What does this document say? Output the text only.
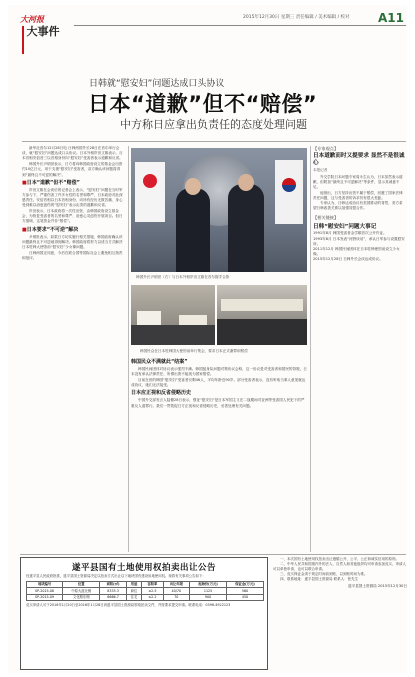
大河报
大事件
2015年12月30日 星期三 责任编辑 / 美术编辑 / 校对 A11
日韩就“慰安妇”问题达成口头协议
日本“道歉”但不“赔偿”
中方称日应拿出负责任的态度处理问题

新华社首尔12月28日电 日韩两国外长28日在首尔举行会谈，就“慰安妇”问题达成口头协议。日本外相岸田文雄表示，日本首相安倍晋三以首相身份向“慰安妇”受害者表示道歉和反省。

韩国外长尹炳世表示，日方将向韩国政府设立的基金会出资约10亿日元，用于支援“慰安妇”受害者，双方确认该问题将得到“最终且不可逆的解决”。

■日本“道歉”但不“赔偿”

岸田文雄在会谈后的记者会上表示，“慰安妇”问题在当时军方参与下，严重伤害了许多女性的名誉和尊严，日本政府对此深感责任。安倍首相以日本首相身份，向所有经历无数苦痛、身心受到难以治愈创伤的“慰安妇”表示由衷的道歉和反省。

岸田表示，日本政府将一次性出资，由韩国政府设立基金会，为恢复受害者的名誉和尊严、治愈心灵创伤开展项目。但日方强调，这笔资金并非“赔偿”。

■日本要求“不可逆”解决

尹炳世表示，如果日方切实履行相关措施，韩国政府确认该问题最终且不可逆地得到解决。韩国政府将努力以适当方式解决日本驻韩大使馆前“慰安妇”少女像问题。

日韩两国还同意，今后在联合国等国际社会上避免相互指责和批评。

韩国外长尹炳世（右）与日本外相岸田文雄在首尔握手合影
韩国民众在日本驻韩国大使馆前举行集会，要求日本正式谢罪和赔偿
韩国民众不满就此“结案”

韩国民间团体对协议表示强烈不满。韩国挺身队问题对策协议会称，这一协议是对受害者和国民的背叛，日本没有承认法律责任，所谓出资不能视为国家赔偿。

目前在世的韩国“慰安妇”受害者仅剩46人，平均年龄近90岁。部分受害者表示，没有听取当事人意见就达成协议，她们无法接受。

日本应正视和反省侵略历史

中国外交部发言人陆慷28日表示，强征“慰安妇”是日本军国主义在二战期间对亚洲等受害国人民犯下的严重反人道罪行。我们一贯敦促日方正视和反省侵略历史，妥善处理有关问题。

【专家观点】
日本道歉而时又提要求 显然不是很诚心
本报记者

外交学院日本问题专家周永生认为，日本虽然表示道歉，但附加“最终且不可逆解决”等条件，显示其诚意不足。

他指出，日方坚持出资不属于赔偿，回避了国家法律责任问题，这与受害者的诉求仍有很大差距。

专家认为，日韩达成协议有美国推动的背景，美方希望日韩改善关系以加强同盟合作。

【相关链接】
日韩“慰安妇”问题大事记
1991年8月 韩国受害者金学顺首次公开作证。
1993年8月 日本发表“河野谈话”，承认日军参与设置慰安所。
2011年12月 韩国民间团体在日本驻韩使馆前设立少女像。
2015年12月28日 日韩外长会谈达成协议。
遂平县国有土地使用权拍卖出让公告
经遂平县人民政府批准，遂平县国土资源局决定以拍卖方式出让以下地块国有建设用地使用权。现将有关事项公告如下：
地块编号	位置	面积(㎡)	用途	容积率	出让年限	起始价(万元)	保证金(万元)
SP-2015-08	中原大道北侧	8333.3	商住	≤2.5	40/70	1125	560
SP-2015-09	文化路东侧	6666.7	住宅	≤2.2	70	900	450
竞买申请人可于2016年1月20日至2016年1月28日到遂平县国土资源局领取拍卖文件，并按要求提交申请。联系电话：0396-4922123

一、本次国有土地使用权拍卖出让遵循公开、公平、公正和诚实信用的原则。

二、中华人民共和国境内外的法人、自然人和其他组织均可申请参加竞买，申请人可以单独申请，也可以联合申请。

三、竞买保证金须于规定时间前到账，以到账时间为准。

四、联系地址：遂平县国土资源局 联系人：张先生

遂平县国土资源局 2015年12月30日
